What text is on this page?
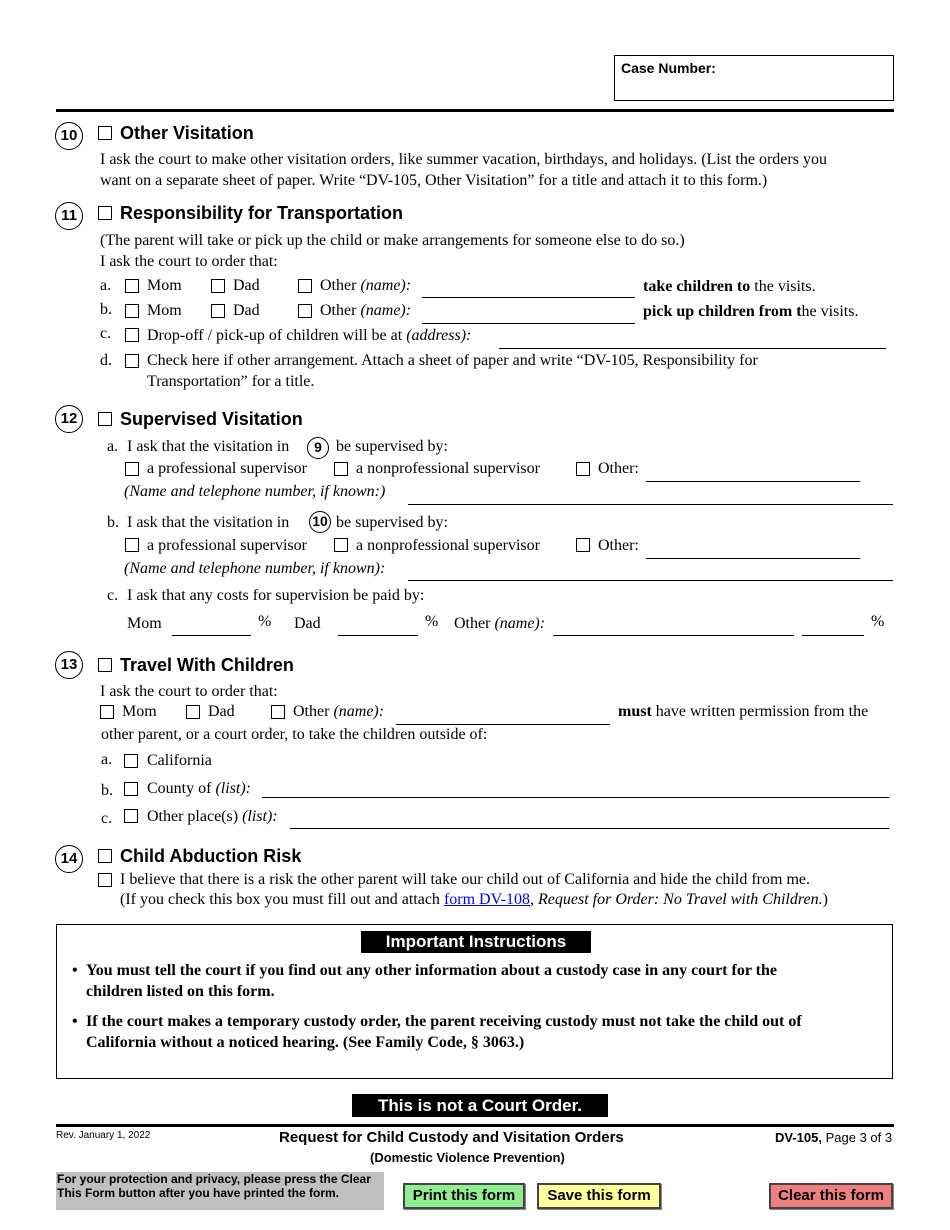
Case Number:
10	Other Visitation
I ask the court to make other visitation orders, like summer vacation, birthdays, and holidays. (List the orders you
want on a separate sheet of paper. Write “DV-105, Other Visitation” for a title and attach it to this form.)
11	Responsibility for Transportation
(The parent will take or pick up the child or make arrangements for someone else to do so.)
I ask the court to order that:
a. Mom	Dad	Other (name):	take children to the visits.
b. Mom	Dad	Other (name):	pick up children from the visits.
c. Drop-off / pick-up of children will be at (address):
d. Check here if other arrangement. Attach a sheet of paper and write “DV-105, Responsibility for
Transportation” for a title.
12	Supervised Visitation
a. I ask that the visitation in	9 be supervised by:
a professional supervisor	a nonprofessional supervisor	Other:
(Name and telephone number, if known:)
b. I ask that the visitation in 10 be supervised by:
a professional supervisor	a nonprofessional supervisor	Other:
(Name and telephone number, if known):
c. I ask that any costs for supervision be paid by:
Mom	% Dad	% Other (name):	%
13	Travel With Children
I ask the court to order that:
Mom	Dad	Other (name):	must have written permission from the
other parent, or a court order, to take the children outside of:
a. California
b. County of (list):
c. Other place(s) (list):
14	Child Abduction Risk
I believe that there is a risk the other parent will take our child out of California and hide the child from me.
(If you check this box you must fill out and attach form DV-108, Request for Order: No Travel with Children.)
Important Instructions
• You must tell the court if you find out any other information about a custody case in any court for the
children listed on this form.
• If the court makes a temporary custody order, the parent receiving custody must not take the child out of
California without a noticed hearing. (See Family Code, § 3063.)
This is not a Court Order.
Rev. January 1, 2022	Request for Child Custody and Visitation Orders
(Domestic Violence Prevention)
DV-105, Page 3 of 3
For your protection and privacy, please press the Clear
This Form button after you have printed the form.	Print this form	Save this form	Clear this form
